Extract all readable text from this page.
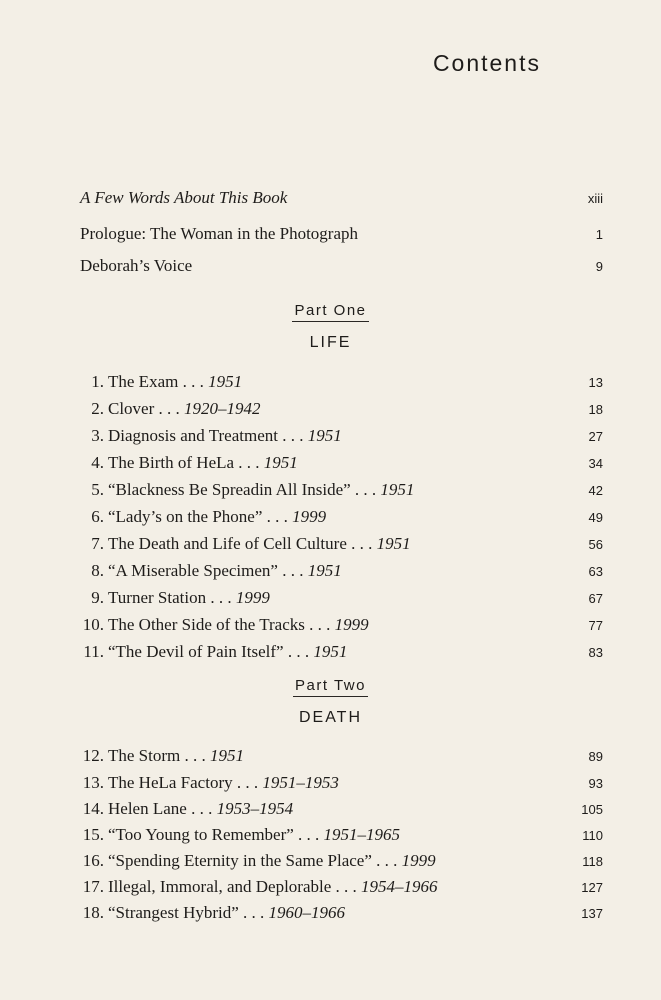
Contents
A Few Words About This Book	xiii
Prologue: The Woman in the Photograph	1
Deborah’s Voice	9
Part One
LIFE
1. The Exam . . . 1951	13
2. Clover . . . 1920–1942	18
3. Diagnosis and Treatment . . . 1951	27
4. The Birth of HeLa . . . 1951	34
5. “Blackness Be Spreadin All Inside” . . . 1951	42
6. “Lady’s on the Phone” . . . 1999	49
7. The Death and Life of Cell Culture . . . 1951	56
8. “A Miserable Specimen” . . . 1951	63
9. Turner Station . . . 1999	67
10. The Other Side of the Tracks . . . 1999	77
11. “The Devil of Pain Itself” . . . 1951	83
Part Two
DEATH
12. The Storm . . . 1951	89
13. The HeLa Factory . . . 1951–1953	93
14. Helen Lane . . . 1953–1954	105
15. “Too Young to Remember” . . . 1951–1965	110
16. “Spending Eternity in the Same Place” . . . 1999	118
17. Illegal, Immoral, and Deplorable . . . 1954–1966	127
18. “Strangest Hybrid” . . . 1960–1966	137
